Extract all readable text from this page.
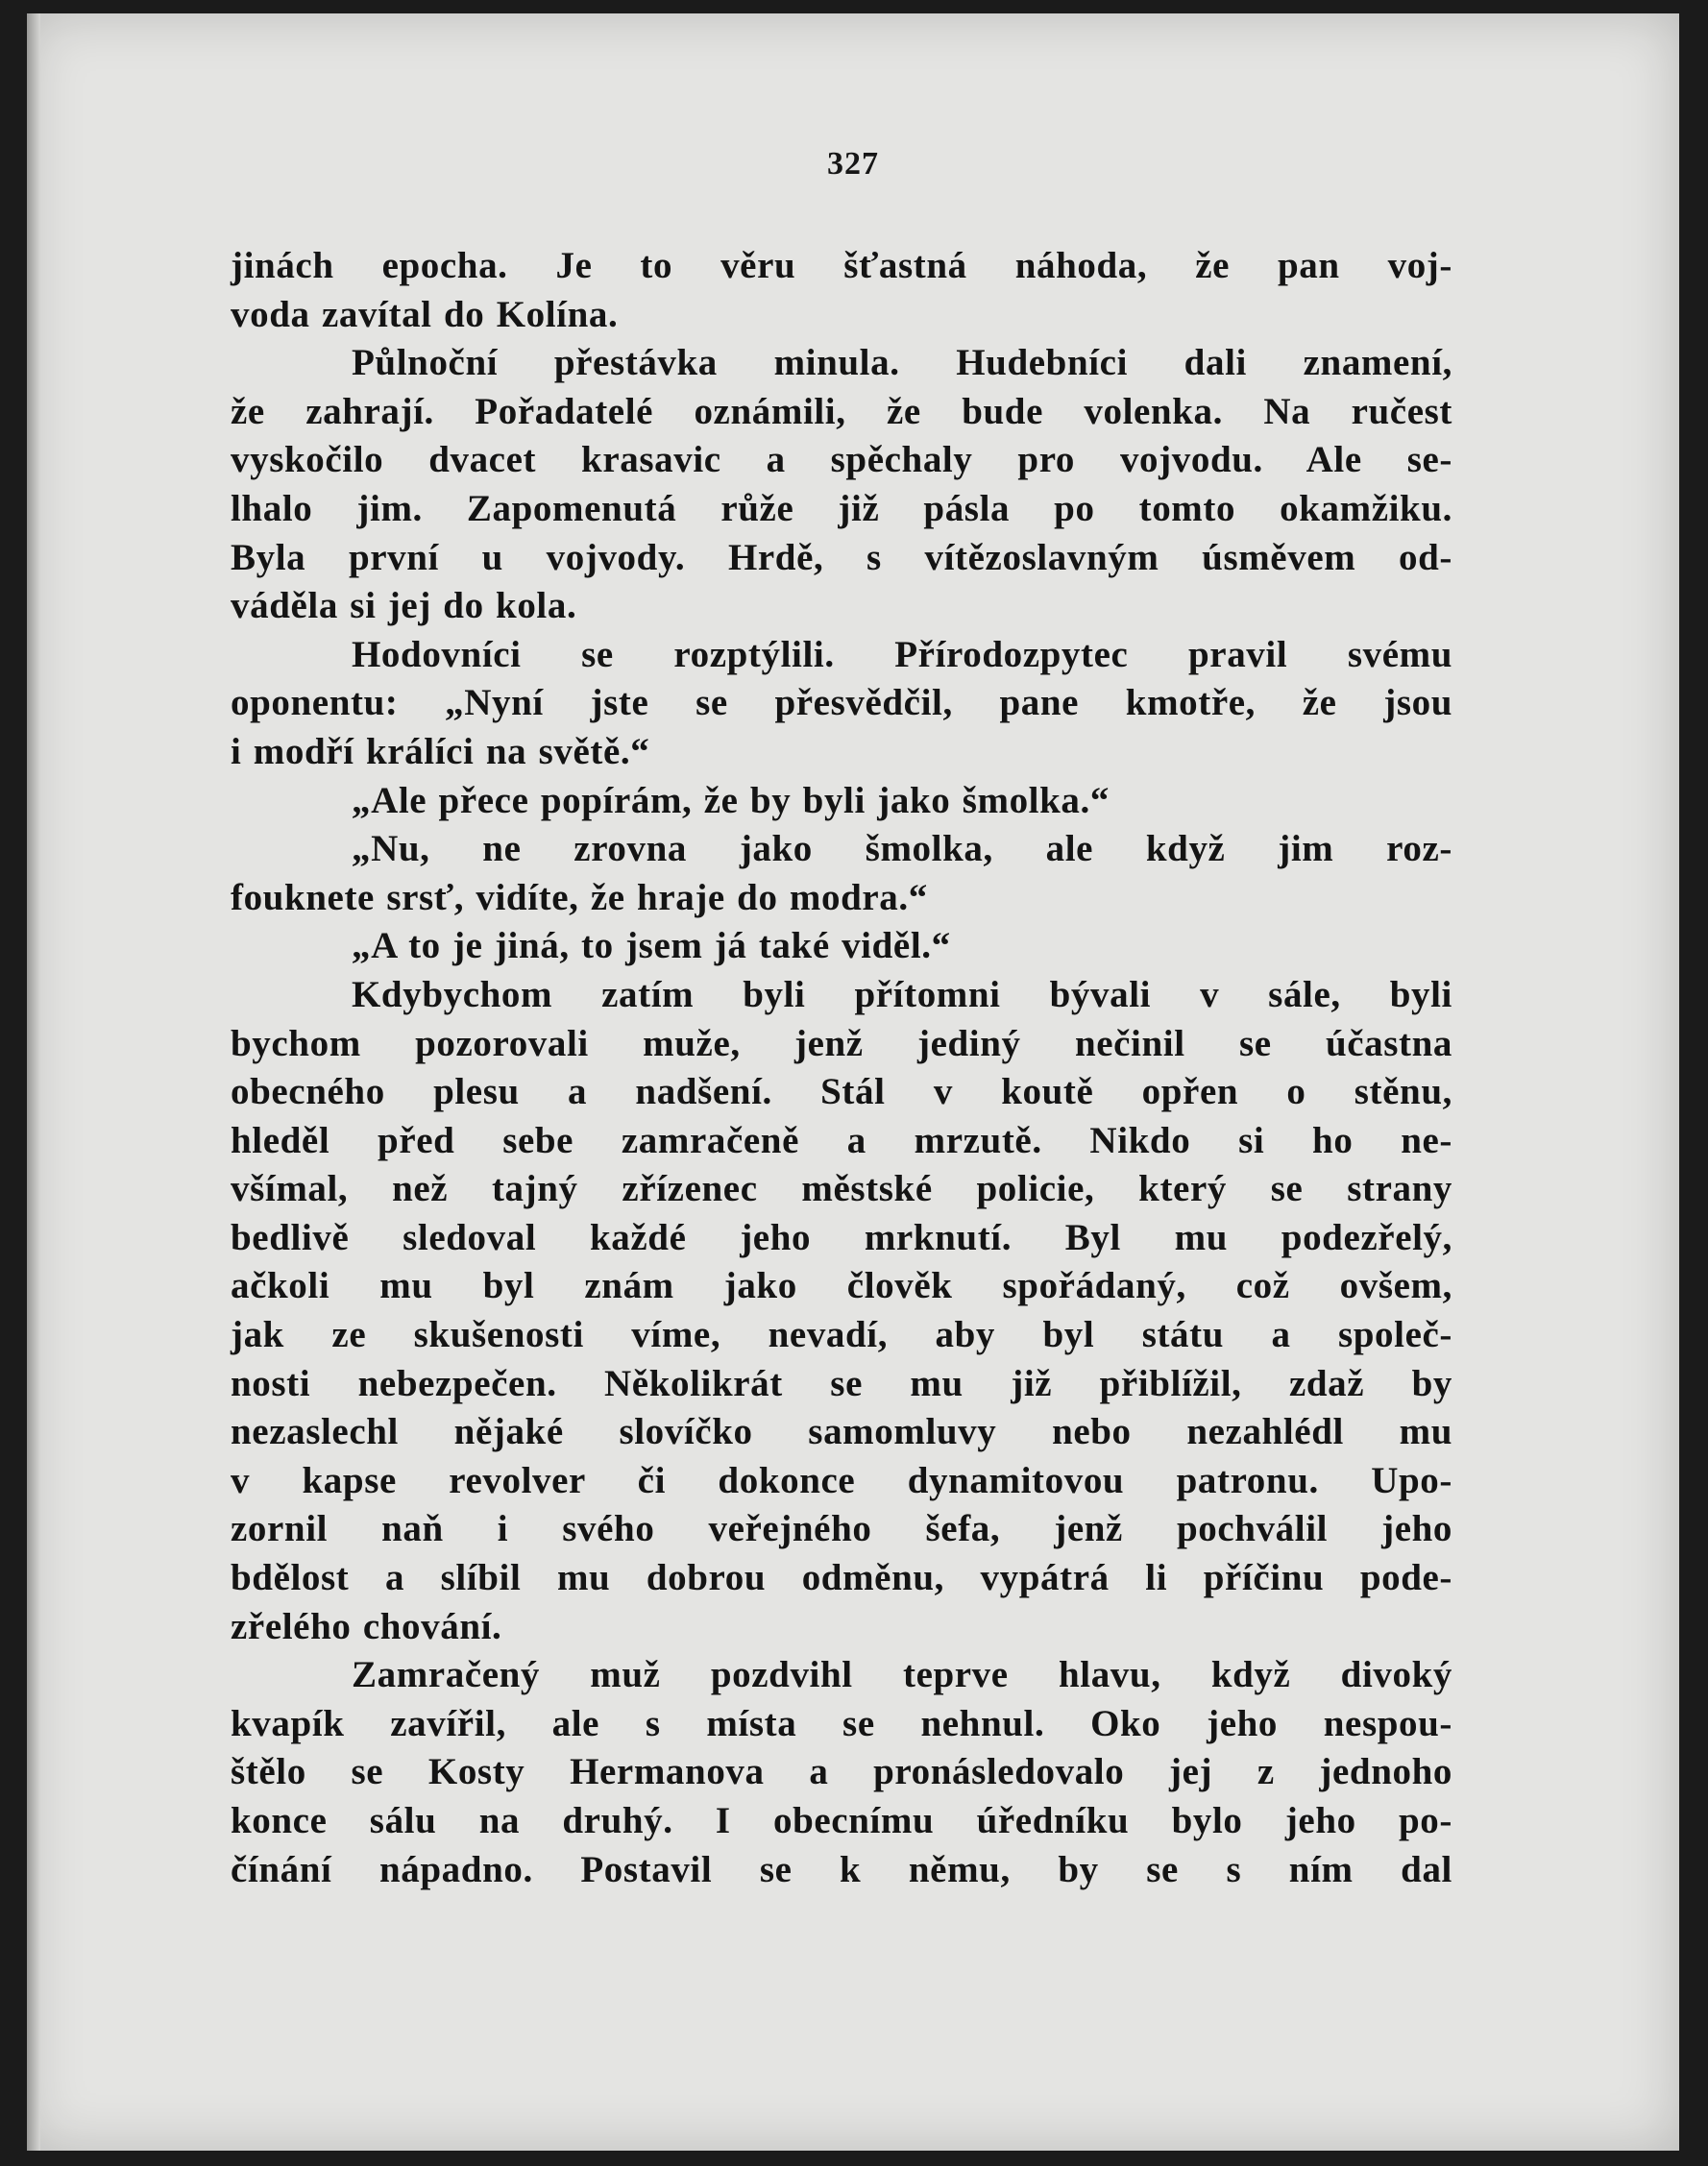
327
jinách epocha. Je to věru šťastná náhoda, že pan voj-
voda zavítal do Kolína.
Půlnoční přestávka minula. Hudebníci dali znamení,
že zahrají. Pořadatelé oznámili, že bude volenka. Na ručest
vyskočilo dvacet krasavic a spěchaly pro vojvodu. Ale se-
lhalo jim. Zapomenutá růže již pásla po tomto okamžiku.
Byla první u vojvody. Hrdě, s vítězoslavným úsměvem od-
váděla si jej do kola.
Hodovníci se rozptýlili. Přírodozpytec pravil svému
oponentu: „Nyní jste se přesvědčil, pane kmotře, že jsou
i modří králíci na světě.“
„Ale přece popírám, že by byli jako šmolka.“
„Nu, ne zrovna jako šmolka, ale když jim roz-
fouknete srsť, vidíte, že hraje do modra.“
„A to je jiná, to jsem já také viděl.“
Kdybychom zatím byli přítomni bývali v sále, byli
bychom pozorovali muže, jenž jediný nečinil se účastna
obecného plesu a nadšení. Stál v koutě opřen o stěnu,
hleděl před sebe zamračeně a mrzutě. Nikdo si ho ne-
všímal, než tajný zřízenec městské policie, který se strany
bedlivě sledoval každé jeho mrknutí. Byl mu podezřelý,
ačkoli mu byl znám jako člověk spořádaný, což ovšem,
jak ze skušenosti víme, nevadí, aby byl státu a společ-
nosti nebezpečen. Několikrát se mu již přiblížil, zdaž by
nezaslechl nějaké slovíčko samomluvy nebo nezahlédl mu
v kapse revolver či dokonce dynamitovou patronu. Upo-
zornil naň i svého veřejného šefa, jenž pochválil jeho
bdělost a slíbil mu dobrou odměnu, vypátrá li příčinu pode-
zřelého chování.
Zamračený muž pozdvihl teprve hlavu, když divoký
kvapík zavířil, ale s místa se nehnul. Oko jeho nespou-
štělo se Kosty Hermanova a pronásledovalo jej z jednoho
konce sálu na druhý. I obecnímu úředníku bylo jeho po-
čínání nápadno. Postavil se k němu, by se s ním dal
